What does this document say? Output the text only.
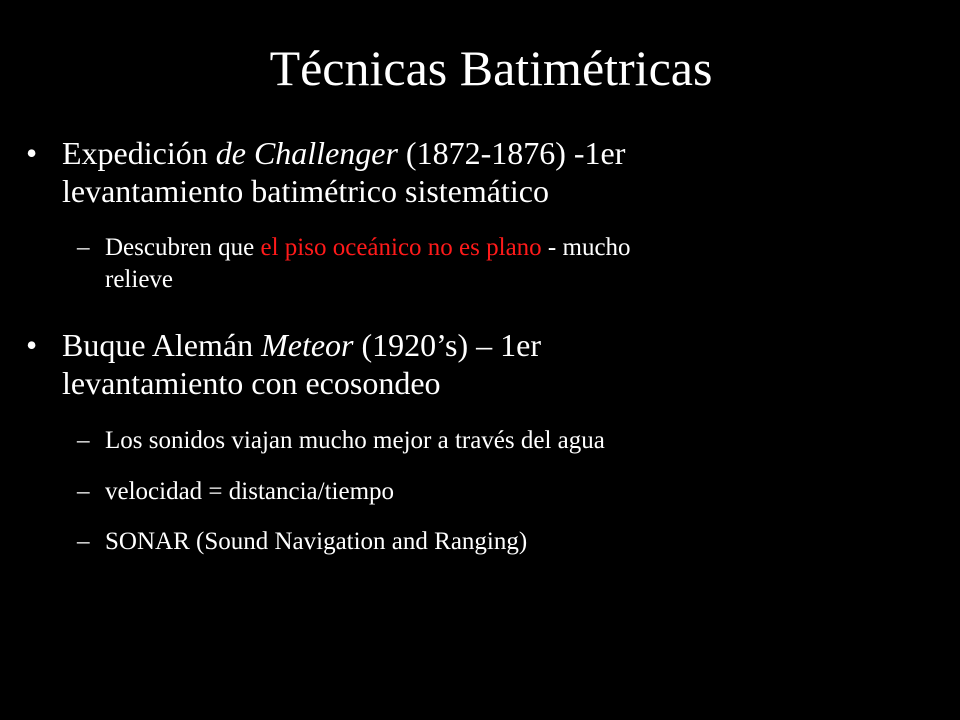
Técnicas Batimétricas
• Expedición de Challenger (1872-1876) -1er
levantamiento batimétrico sistemático
– Descubren que el piso oceánico no es plano - mucho
relieve
• Buque Alemán Meteor (1920’s) – 1er
levantamiento con ecosondeo
– Los sonidos viajan mucho mejor a través del agua
– velocidad = distancia/tiempo
– SONAR (Sound Navigation and Ranging)
